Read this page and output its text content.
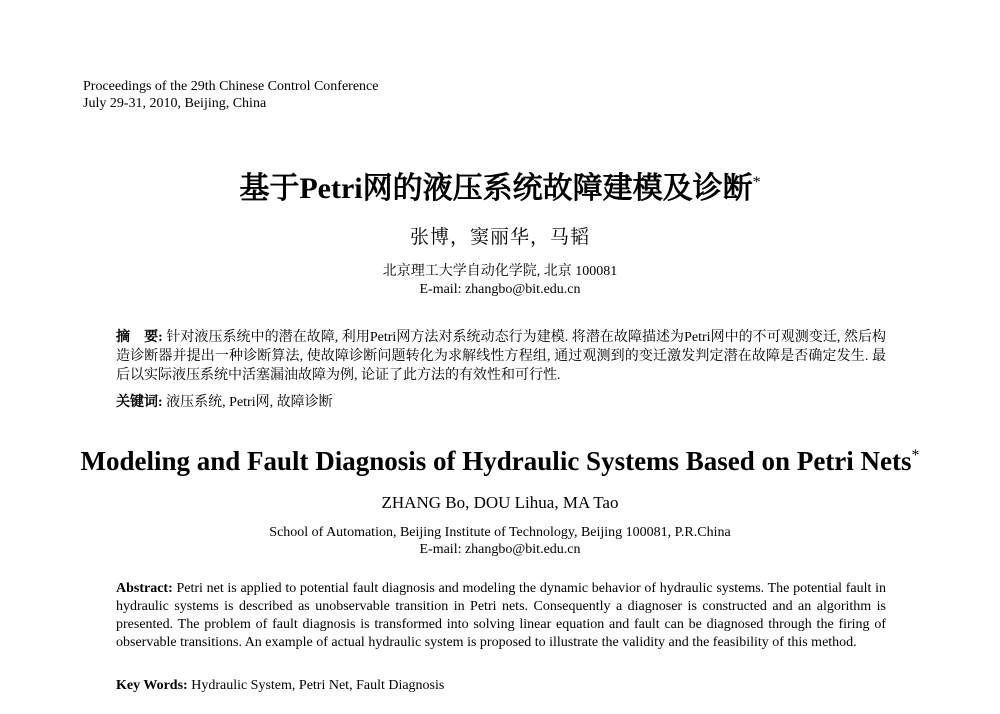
Proceedings of the 29th Chinese Control Conference
July 29-31, 2010, Beijing, China
基于Petri网的液压系统故障建模及诊断*
张博，窦丽华，马韬
北京理工大学自动化学院, 北京 100081
E-mail: zhangbo@bit.edu.cn
摘　要: 针对液压系统中的潜在故障, 利用Petri网方法对系统动态行为建模. 将潜在故障描述为Petri网中的不可观测变迁, 然后构造诊断器并提出一种诊断算法, 使故障诊断问题转化为求解线性方程组, 通过观测到的变迁激发判定潜在故障是否确定发生. 最后以实际液压系统中活塞漏油故障为例, 论证了此方法的有效性和可行性.
关键词: 液压系统, Petri网, 故障诊断
Modeling and Fault Diagnosis of Hydraulic Systems Based on Petri Nets*
ZHANG Bo, DOU Lihua, MA Tao
School of Automation, Beijing Institute of Technology, Beijing 100081, P.R.China
E-mail: zhangbo@bit.edu.cn
Abstract: Petri net is applied to potential fault diagnosis and modeling the dynamic behavior of hydraulic systems. The potential fault in hydraulic systems is described as unobservable transition in Petri nets. Consequently a diagnoser is constructed and an algorithm is presented. The problem of fault diagnosis is transformed into solving linear equation and fault can be diagnosed through the firing of observable transitions. An example of actual hydraulic system is proposed to illustrate the validity and the feasibility of this method.
Key Words: Hydraulic System, Petri Net, Fault Diagnosis
